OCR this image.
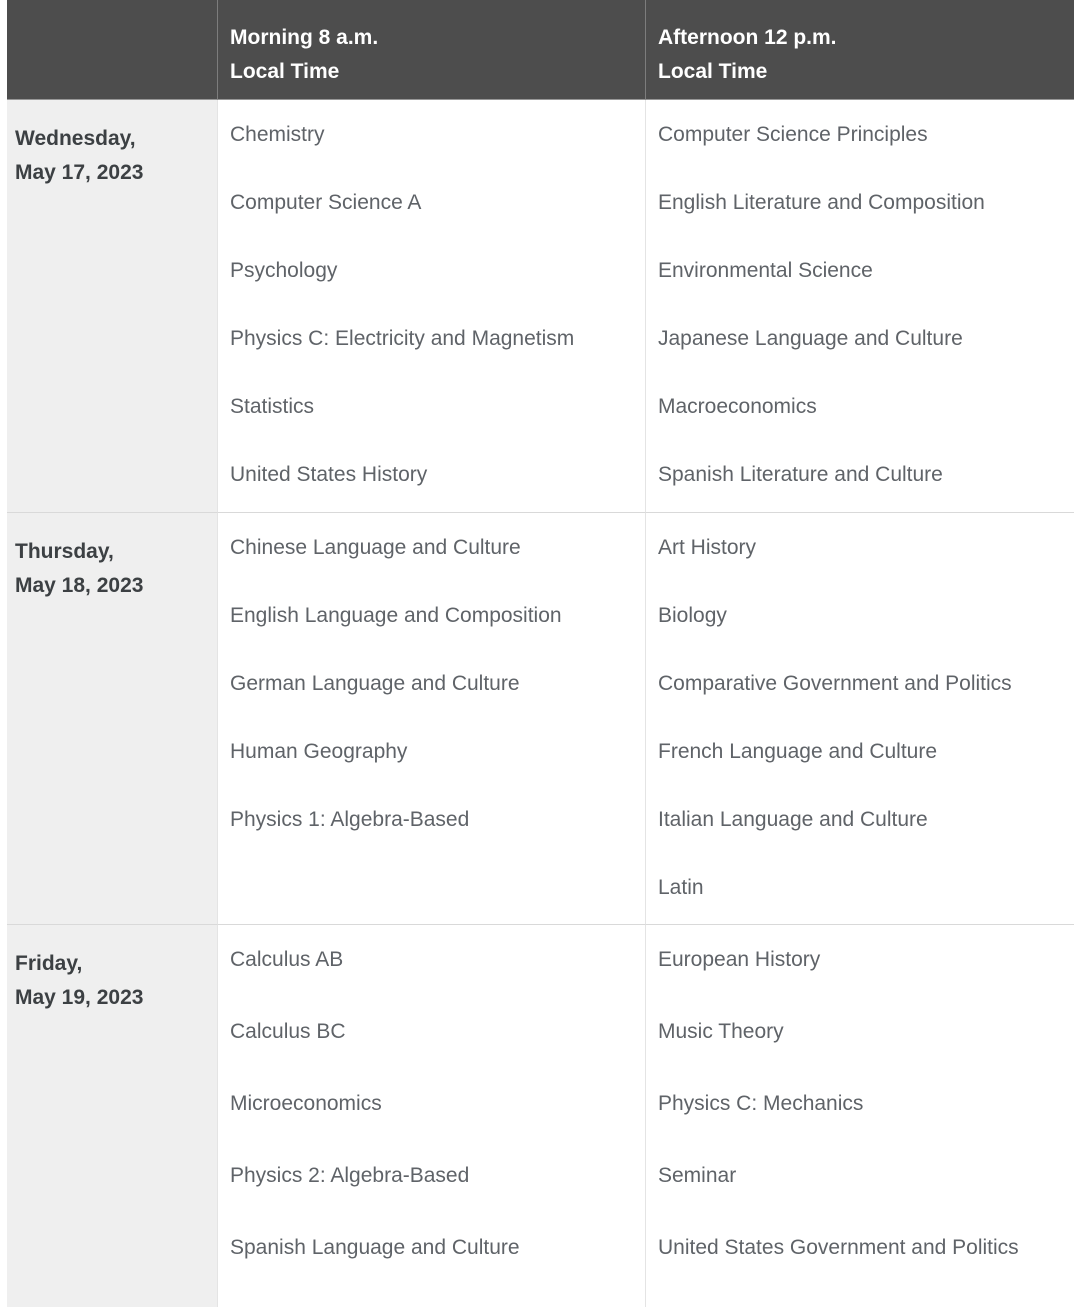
Morning 8 a.m.
Local Time
Afternoon 12 p.m.
Local Time
Wednesday,
May 17, 2023
Chemistry
Computer Science A
Psychology
Physics C: Electricity and Magnetism
Statistics
United States History
Computer Science Principles
English Literature and Composition
Environmental Science
Japanese Language and Culture
Macroeconomics
Spanish Literature and Culture
Thursday,
May 18, 2023
Chinese Language and Culture
English Language and Composition
German Language and Culture
Human Geography
Physics 1: Algebra-Based
Art History
Biology
Comparative Government and Politics
French Language and Culture
Italian Language and Culture
Latin
Friday,
May 19, 2023
Calculus AB
Calculus BC
Microeconomics
Physics 2: Algebra-Based
Spanish Language and Culture
European History
Music Theory
Physics C: Mechanics
Seminar
United States Government and Politics
